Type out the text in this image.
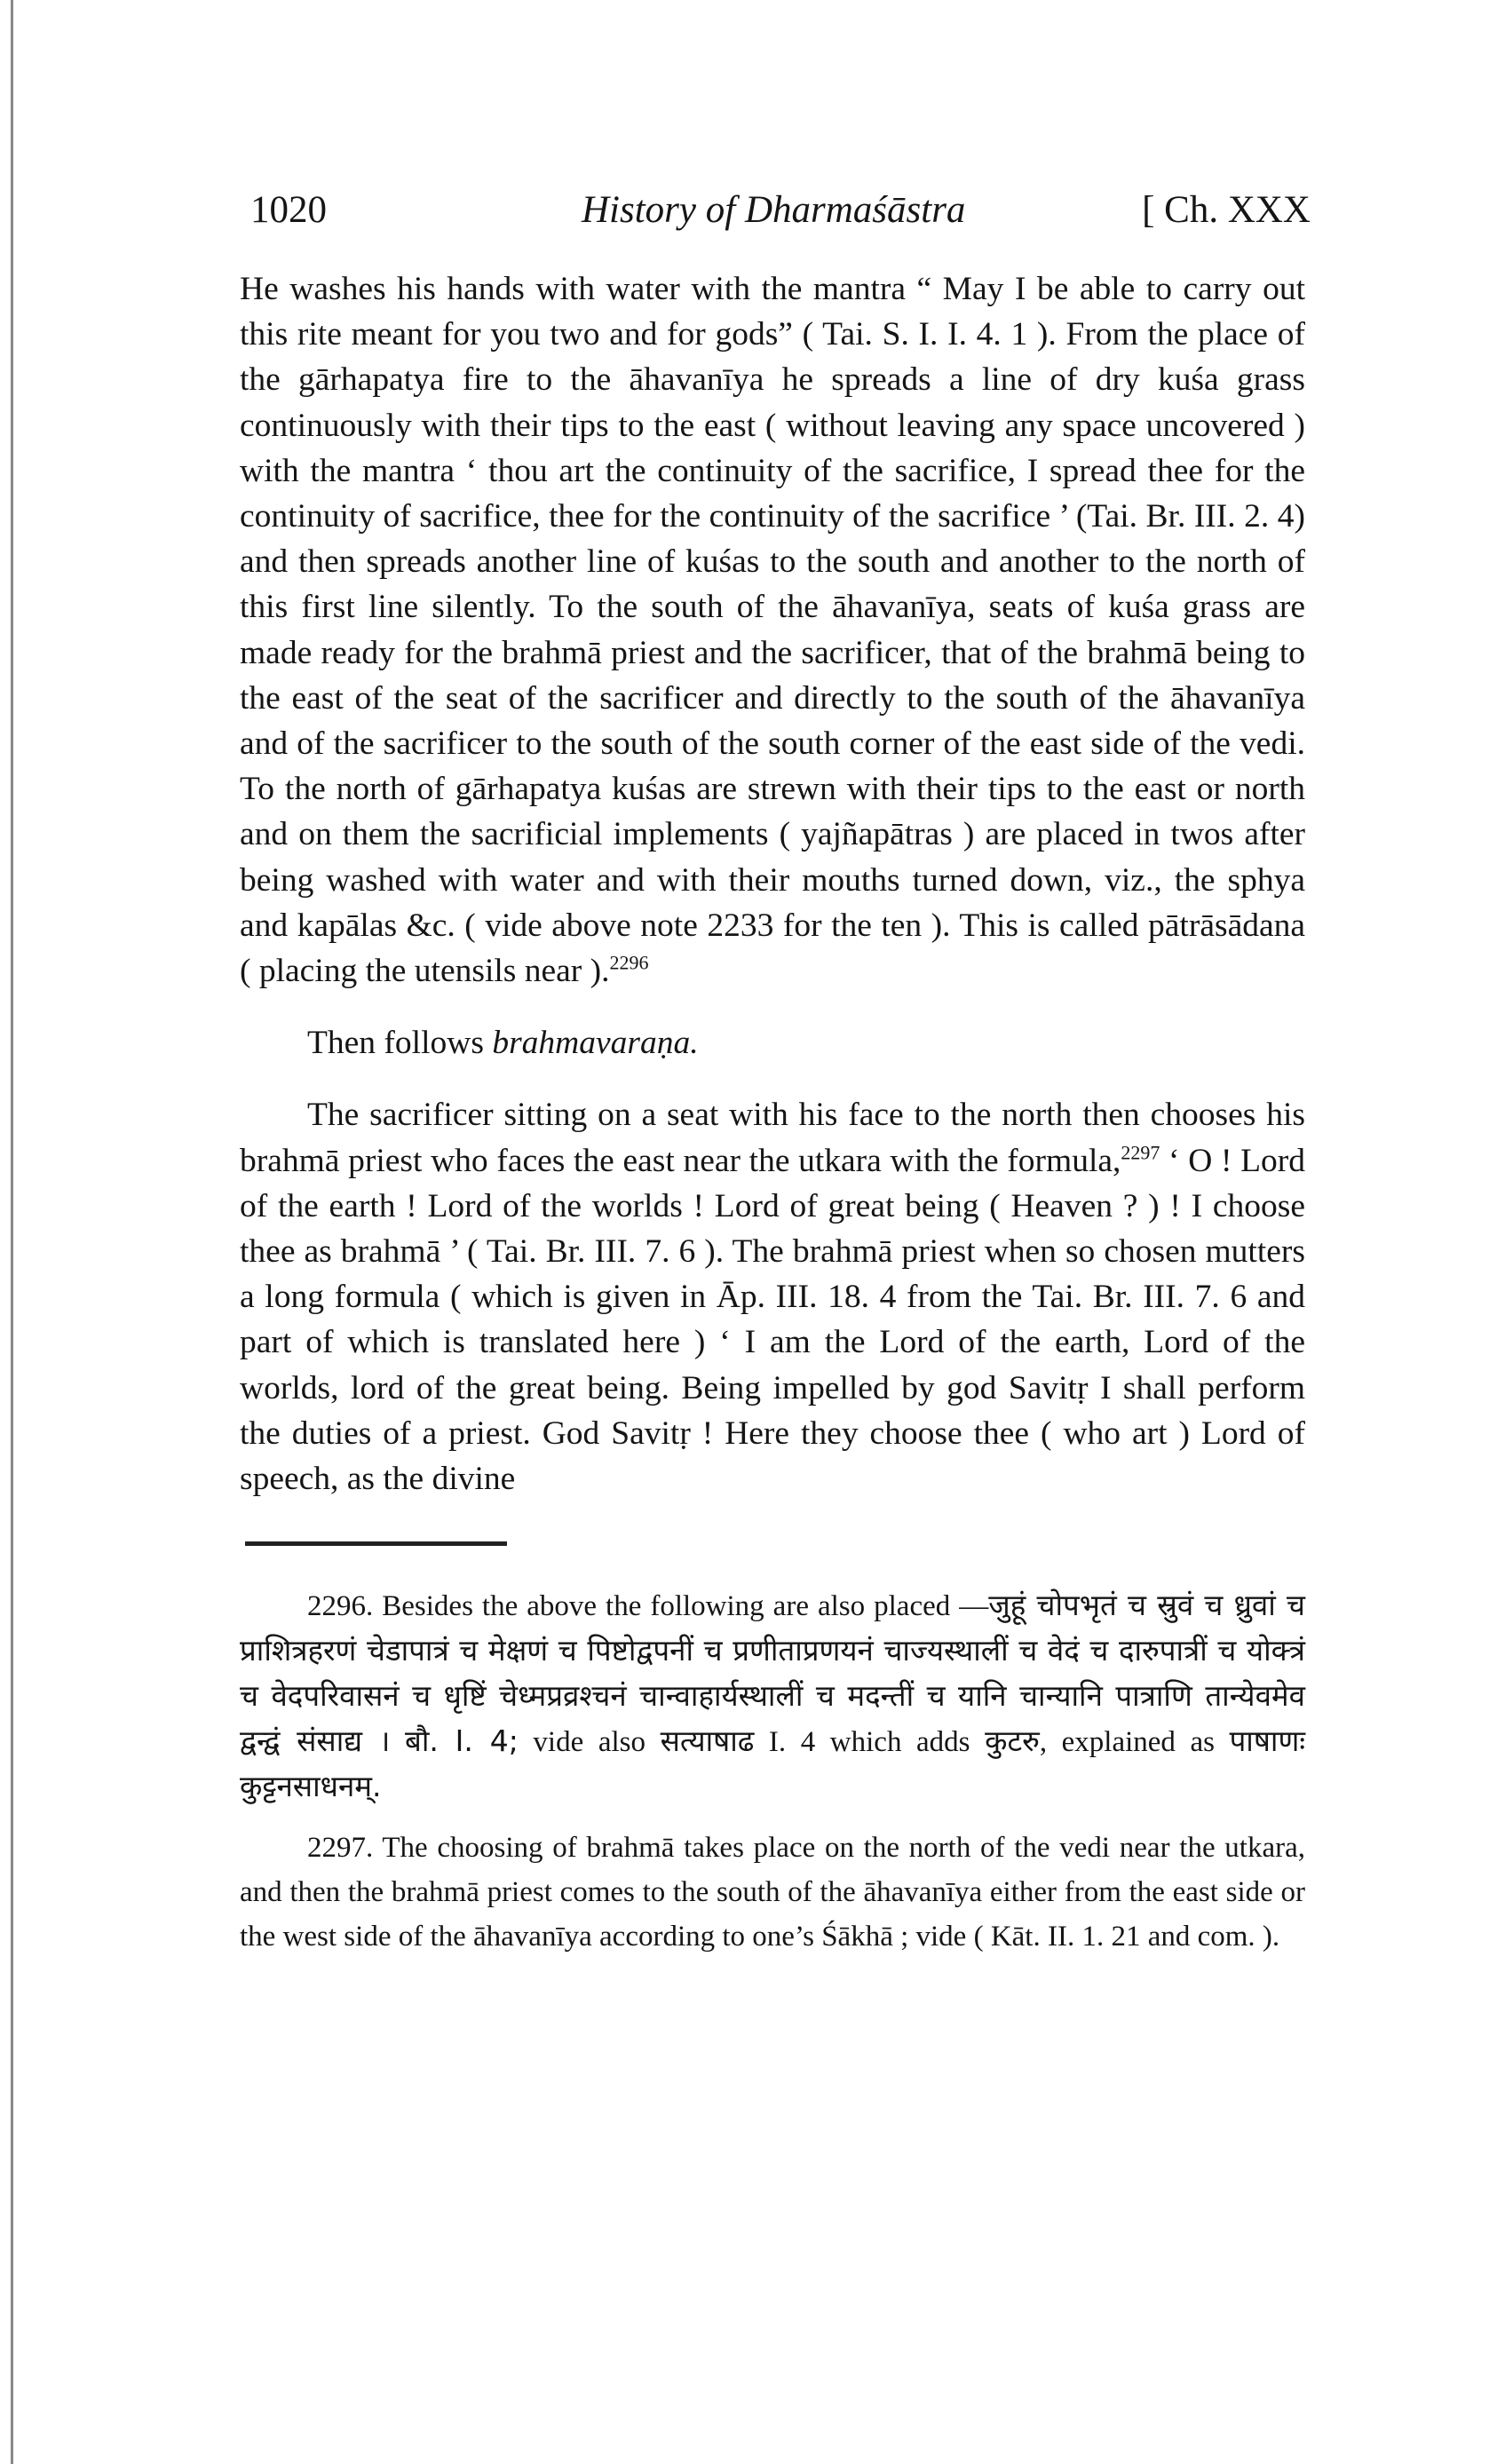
1020	History of Dharmaśāstra	[ Ch. XXX

He washes his hands with water with the mantra “ May I be able to carry out this rite meant for you two and for gods” ( Tai. S. I. I. 4. 1 ). From the place of the gārhapatya fire to the āhavanīya he spreads a line of dry kuśa grass continuously with their tips to the east ( without leaving any space uncovered ) with the mantra ‘ thou art the continuity of the sacrifice, I spread thee for the continuity of sacrifice, thee for the continuity of the sacrifice ’ (Tai. Br. III. 2. 4) and then spreads another line of kuśas to the south and another to the north of this first line silently. To the south of the āhavanīya, seats of kuśa grass are made ready for the brahmā priest and the sacrificer, that of the brahmā being to the east of the seat of the sacrificer and directly to the south of the āhavanīya and of the sacrificer to the south of the south corner of the east side of the vedi. To the north of gārhapatya kuśas are strewn with their tips to the east or north and on them the sacrificial implements ( yajñapātras ) are placed in twos after being washed with water and with their mouths turned down, viz., the sphya and kapālas &c. ( vide above note 2233 for the ten ). This is called pātrāsādana ( placing the utensils near ).$^{2296}$

Then follows brahmavaraṇa.

The sacrificer sitting on a seat with his face to the north then chooses his brahmā priest who faces the east near the utkara with the formula,$^{2297}$ ‘ O ! Lord of the earth ! Lord of the worlds ! Lord of great being ( Heaven ? ) ! I choose thee as brahmā ’ ( Tai. Br. III. 7. 6 ). The brahmā priest when so chosen mutters a long formula ( which is given in Āp. III. 18. 4 from the Tai. Br. III. 7. 6 and part of which is translated here ) ‘ I am the Lord of the earth, Lord of the worlds, lord of the great being. Being impelled by god Savitṛ I shall perform the duties of a priest. God Savitṛ ! Here they choose thee ( who art ) Lord of speech, as the divine

2296. Besides the above the following are also placed —जुहूं चोपभृतं च स्रुवं च ध्रुवां च प्राशित्रहरणं चेडापात्रं च मेक्षणं च पिष्टोद्वपनीं च प्रणीताप्रणयनं चाज्यस्थालीं च वेदं च दारुपात्रीं च योक्त्रं च वेदपरिवासनं च धृष्टिं चेध्मप्रव्रश्चनं चान्वाहार्यस्थालीं च मदन्तीं च यानि चान्यानि पात्राणि तान्येवमेव द्वन्द्वं संसाद्य । बौ. I. 4; vide also सत्याषाढ I. 4 which adds कुटरु, explained as पाषाणः कुट्टनसाधनम्.

2297. The choosing of brahmā takes place on the north of the vedi near the utkara, and then the brahmā priest comes to the south of the āhavanīya either from the east side or the west side of the āhavanīya according to one’s Śākhā ; vide ( Kāt. II. 1. 21 and com. ).
